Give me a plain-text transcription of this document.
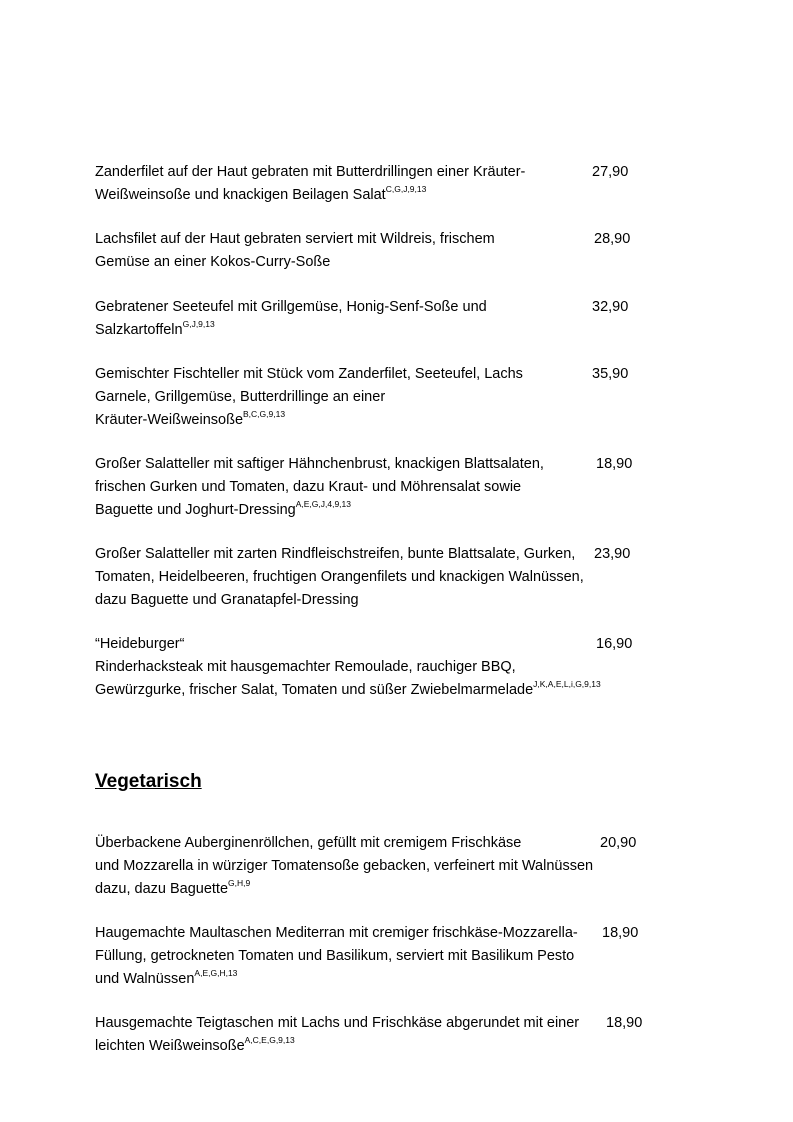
Zanderfilet auf der Haut gebraten mit Butterdrillingen einer Kräuter-	27,90
Weißweinsoße und knackigen Beilagen Salat$^{C,G,J,9,13}$
Lachsfilet auf der Haut gebraten serviert mit Wildreis, frischem	28,90
Gemüse an einer Kokos-Curry-Soße
Gebratener Seeteufel mit Grillgemüse, Honig-Senf-Soße und	32,90
Salzkartoffeln$^{G,J,9,13}$
Gemischter Fischteller mit Stück vom Zanderfilet, Seeteufel, Lachs	35,90
Garnele, Grillgemüse, Butterdrillinge an einer
Kräuter-Weißweinsoße$^{B,C,G,9,13}$
Großer Salatteller mit saftiger Hähnchenbrust, knackigen Blattsalaten,	18,90
frischen Gurken und Tomaten, dazu Kraut- und Möhrensalat sowie
Baguette und Joghurt-Dressing$^{A,E,G,J,4,9,13}$
Großer Salatteller mit zarten Rindfleischstreifen, bunte Blattsalate, Gurken, 23,90
Tomaten, Heidelbeeren, fruchtigen Orangenfilets und knackigen Walnüssen,
dazu Baguette und Granatapfel-Dressing
“Heideburger“	16,90
Rinderhacksteak mit hausgemachter Remoulade, rauchiger BBQ,
Gewürzgurke, frischer Salat, Tomaten und süßer Zwiebelmarmelade$^{J,K,A,E,L,i,G,9,13}$
Vegetarisch
Überbackene Auberginenröllchen, gefüllt mit cremigem Frischkäse	20,90
und Mozzarella in würziger Tomatensoße gebacken, verfeinert mit Walnüssen
dazu, dazu Baguette$^{G,H,9}$
Haugemachte Maultaschen Mediterran mit cremiger frischkäse-Mozzarella- 18,90
Füllung, getrockneten Tomaten und Basilikum, serviert mit Basilikum Pesto
und Walnüssen$^{A,E,G,H,13}$
Hausgemachte Teigtaschen mit Lachs und Frischkäse abgerundet mit einer 18,90
leichten Weißweinsoße$^{A,C,E,G,9,13}$
